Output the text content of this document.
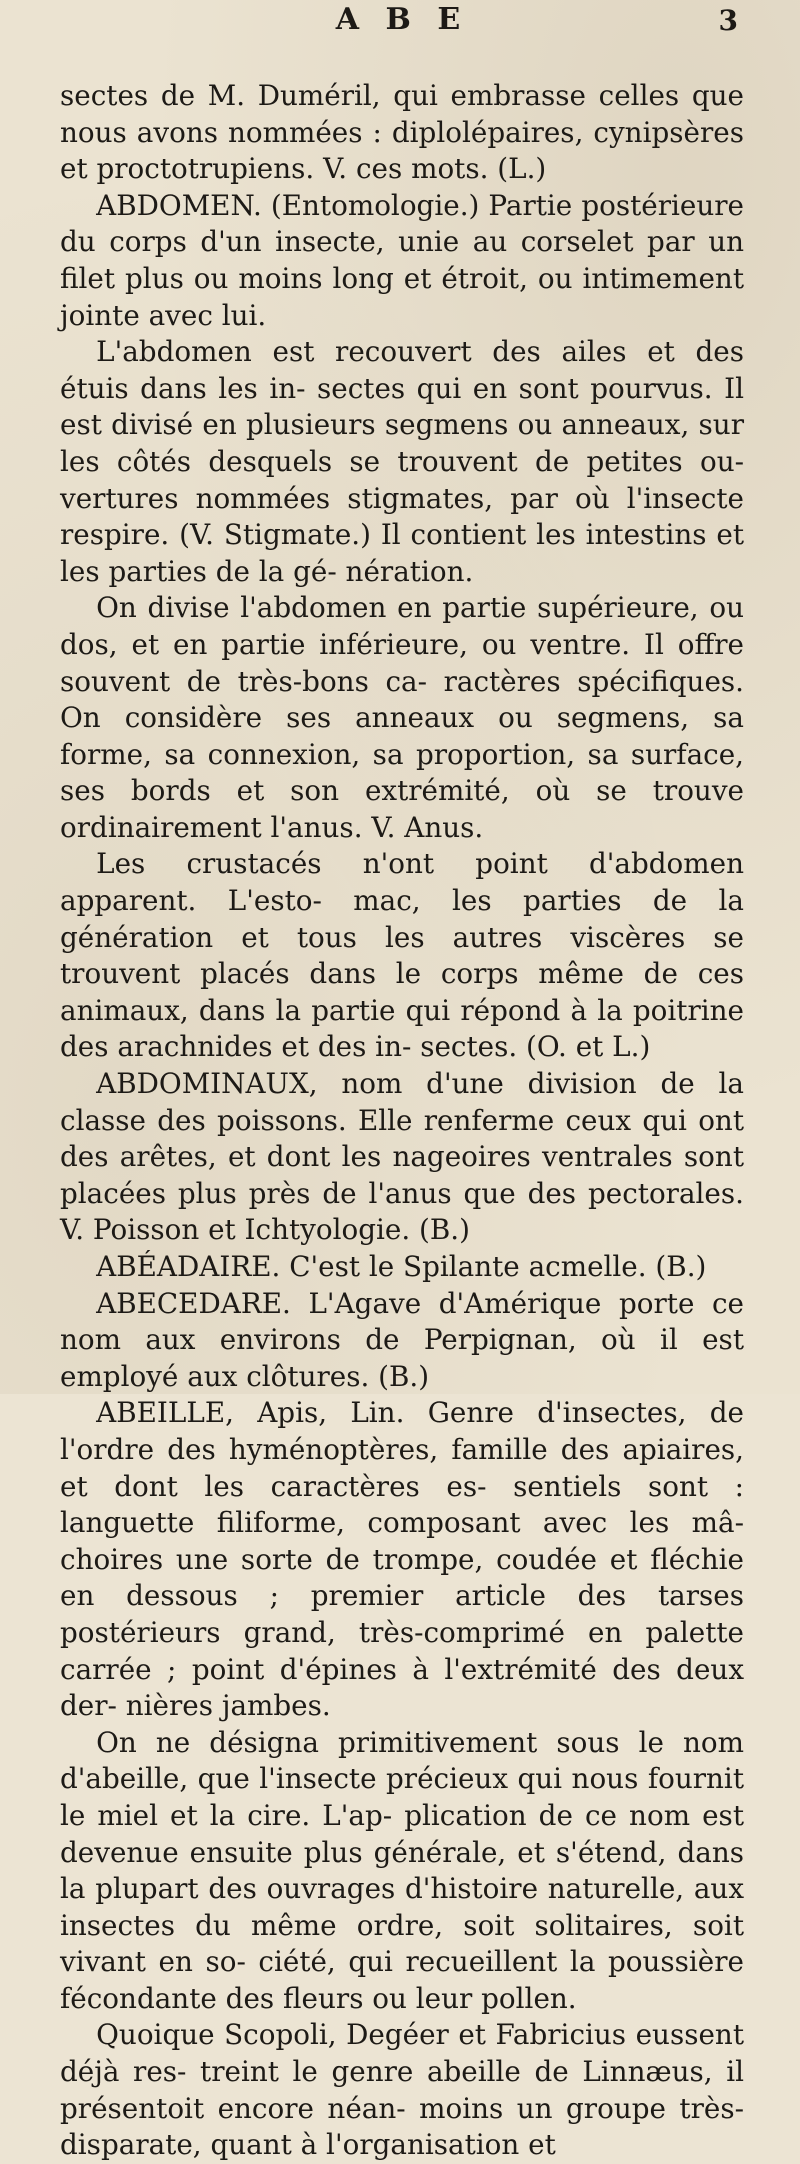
A B E	3

sectes de M. Duméril, qui embrasse celles que nous avons nommées : diplolépaires, cynipsères et proctotrupiens. V. ces mots. (L.)

ABDOMEN. (Entomologie.) Partie postérieure du corps d'un insecte, unie au corselet par un filet plus ou moins long et étroit, ou intimement jointe avec lui.

L'abdomen est recouvert des ailes et des étuis dans les in- sectes qui en sont pourvus. Il est divisé en plusieurs segmens ou anneaux, sur les côtés desquels se trouvent de petites ou- vertures nommées stigmates, par où l'insecte respire. (V. Stigmate.) Il contient les intestins et les parties de la gé- nération.

On divise l'abdomen en partie supérieure, ou dos, et en partie inférieure, ou ventre. Il offre souvent de très-bons ca- ractères spécifiques. On considère ses anneaux ou segmens, sa forme, sa connexion, sa proportion, sa surface, ses bords et son extrémité, où se trouve ordinairement l'anus. V. Anus.

Les crustacés n'ont point d'abdomen apparent. L'esto- mac, les parties de la génération et tous les autres viscères se trouvent placés dans le corps même de ces animaux, dans la partie qui répond à la poitrine des arachnides et des in- sectes. (O. et L.)

ABDOMINAUX, nom d'une division de la classe des poissons. Elle renferme ceux qui ont des arêtes, et dont les nageoires ventrales sont placées plus près de l'anus que des pectorales. V. Poisson et Ichtyologie. (B.)

ABÉADAIRE. C'est le Spilante acmelle. (B.)

ABECEDARE. L'Agave d'Amérique porte ce nom aux environs de Perpignan, où il est employé aux clôtures. (B.)

ABEILLE, Apis, Lin. Genre d'insectes, de l'ordre des hyménoptères, famille des apiaires, et dont les caractères es- sentiels sont : languette filiforme, composant avec les mâ- choires une sorte de trompe, coudée et fléchie en dessous ; premier article des tarses postérieurs grand, très-comprimé en palette carrée ; point d'épines à l'extrémité des deux der- nières jambes.

On ne désigna primitivement sous le nom d'abeille, que l'insecte précieux qui nous fournit le miel et la cire. L'ap- plication de ce nom est devenue ensuite plus générale, et s'étend, dans la plupart des ouvrages d'histoire naturelle, aux insectes du même ordre, soit solitaires, soit vivant en so- ciété, qui recueillent la poussière fécondante des fleurs ou leur pollen.

Quoique Scopoli, Degéer et Fabricius eussent déjà res- treint le genre abeille de Linnæus, il présentoit encore néan- moins un groupe très-disparate, quant à l'organisation et
